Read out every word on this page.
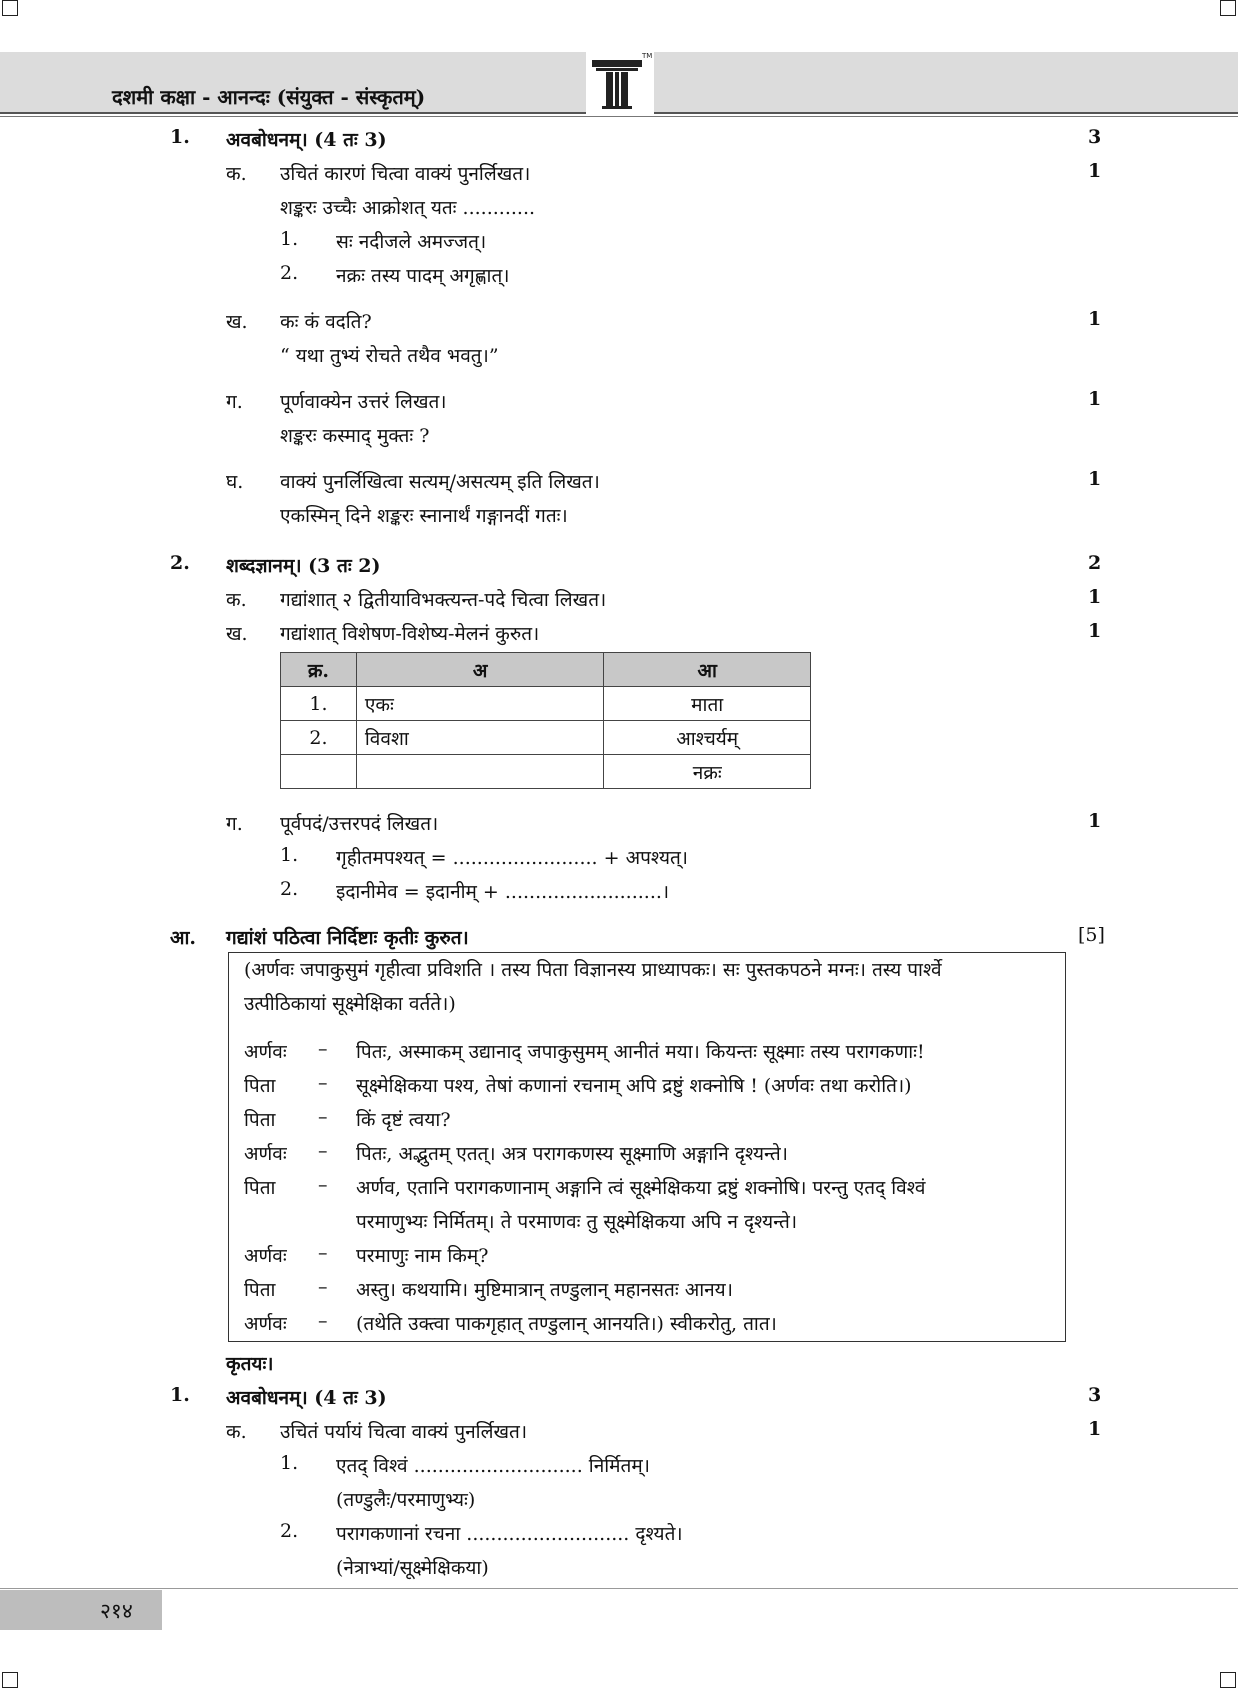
दशमी कक्षा - आनन्दः (संयुक्त - संस्कृतम्)
TM
1. अवबोधनम्। (4 तः 3)	3
क. उचितं कारणं चित्वा वाक्यं पुनर्लिखत।	1
शङ्करः उच्चैः आक्रोशत् यतः ............
1. सः नदीजले अमज्जत्।
2. नक्रः तस्य पादम् अगृह्णात्।
ख. कः कं वदति?	1
“ यथा तुभ्यं रोचते तथैव भवतु।”
ग. पूर्णवाक्येन उत्तरं लिखत।	1
शङ्करः कस्माद् मुक्तः ?
घ. वाक्यं पुनर्लिखित्वा सत्यम्/असत्यम् इति लिखत।	1
एकस्मिन् दिने शङ्करः स्नानार्थं गङ्गानदीं गतः।
2. शब्दज्ञानम्। (3 तः 2)	2
क. गद्यांशात् २ द्वितीयाविभक्त्यन्त-पदे चित्वा लिखत।	1
ख. गद्यांशात् विशेषण-विशेष्य-मेलनं कुरुत।	1
क्र.	अ	आ
1.	एकः	माता
2.	विवशा	आश्चर्यम्
		नक्रः
ग. पूर्वपदं/उत्तरपदं लिखत।	1
1. गृहीतमपश्यत् = ........................ + अपश्यत्।
2. इदानीमेव = इदानीम् + ..........................।
आ. गद्यांशं पठित्वा निर्दिष्टाः कृतीः कुरुत।	[5]
(अर्णवः जपाकुसुमं गृहीत्वा प्रविशति । तस्य पिता विज्ञानस्य प्राध्यापकः। सः पुस्तकपठने मग्नः। तस्य पार्श्वे
उत्पीठिकायां सूक्ष्मेक्षिका वर्तते।)
अर्णवः – पितः, अस्माकम् उद्यानाद् जपाकुसुमम् आनीतं मया। कियन्तः सूक्ष्माः तस्य परागकणाः!
पिता – सूक्ष्मेक्षिकया पश्य, तेषां कणानां रचनाम् अपि द्रष्टुं शक्नोषि ! (अर्णवः तथा करोति।)
पिता – किं दृष्टं त्वया?
अर्णवः – पितः, अद्भुतम् एतत्। अत्र परागकणस्य सूक्ष्माणि अङ्गानि दृश्यन्ते।
पिता – अर्णव, एतानि परागकणानाम् अङ्गानि त्वं सूक्ष्मेक्षिकया द्रष्टुं शक्नोषि। परन्तु एतद् विश्वं
परमाणुभ्यः निर्मितम्। ते परमाणवः तु सूक्ष्मेक्षिकया अपि न दृश्यन्ते।
अर्णवः – परमाणुः नाम किम्?
पिता – अस्तु। कथयामि। मुष्टिमात्रान् तण्डुलान् महानसतः आनय।
अर्णवः – (तथेति उक्त्वा पाकगृहात् तण्डुलान् आनयति।) स्वीकरोतु, तात।
कृतयः।
1. अवबोधनम्। (4 तः 3)	3
क. उचितं पर्यायं चित्वा वाक्यं पुनर्लिखत।	1
1. एतद् विश्वं ............................ निर्मितम्।
(तण्डुलैः/परमाणुभ्यः)
2. परागकणानां रचना ........................... दृश्यते।
(नेत्राभ्यां/सूक्ष्मेक्षिकया)
२१४
